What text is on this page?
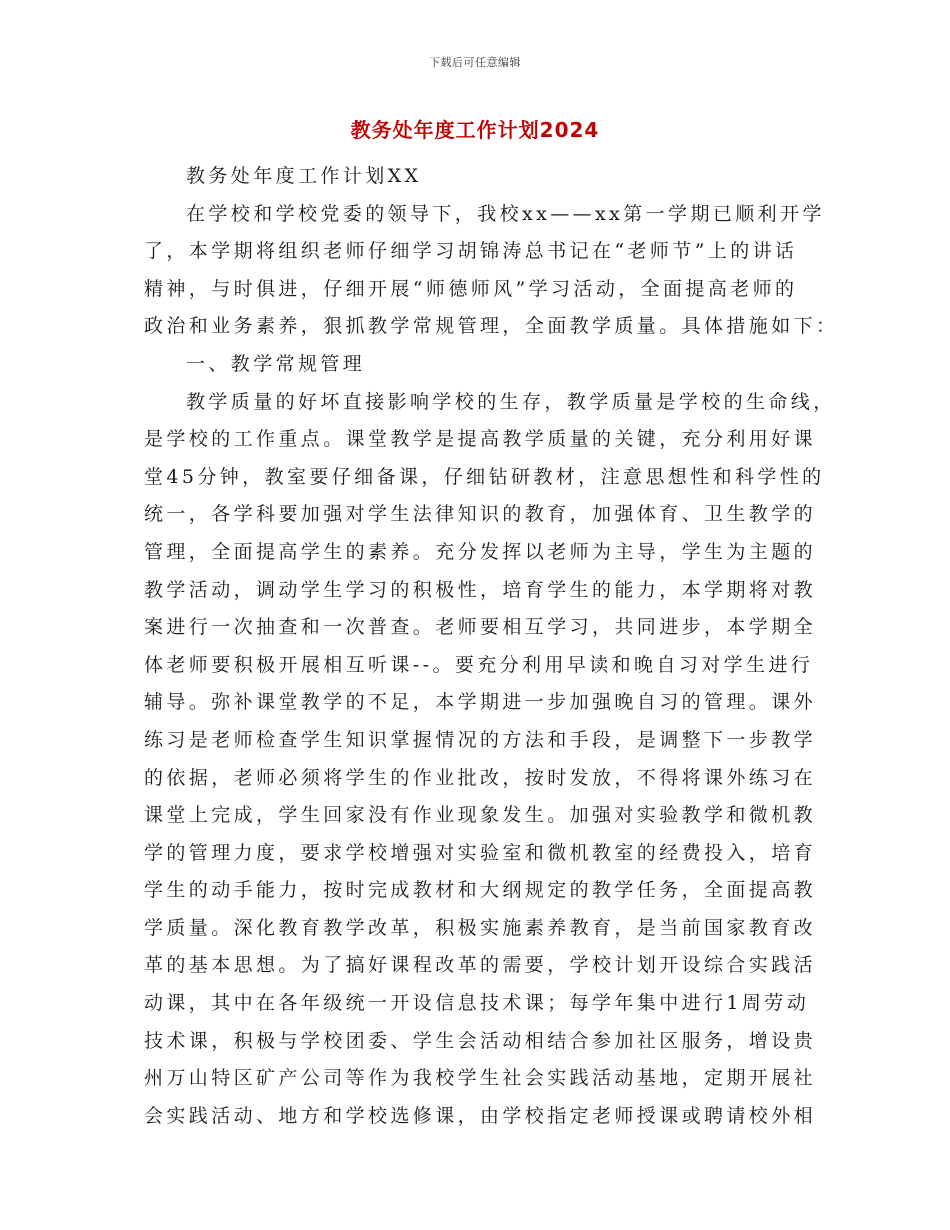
下载后可任意编辑
教务处年度工作计划2024
教务处年度工作计划XX
在学校和学校党委的领导下，我校xx——xx第一学期已顺利开学
了，本学期将组织老师仔细学习胡锦涛总书记在“老师节”上的讲话
精神，与时俱进，仔细开展“师德师风”学习活动，全面提高老师的
政治和业务素养，狠抓教学常规管理，全面教学质量。具体措施如下：
一、教学常规管理
教学质量的好坏直接影响学校的生存，教学质量是学校的生命线，
是学校的工作重点。课堂教学是提高教学质量的关键，充分利用好课
堂45分钟，教室要仔细备课，仔细钻研教材，注意思想性和科学性的
统一，各学科要加强对学生法律知识的教育，加强体育、卫生教学的
管理，全面提高学生的素养。充分发挥以老师为主导，学生为主题的
教学活动，调动学生学习的积极性，培育学生的能力，本学期将对教
案进行一次抽查和一次普查。老师要相互学习，共同进步，本学期全
体老师要积极开展相互听课--。要充分利用早读和晚自习对学生进行
辅导。弥补课堂教学的不足，本学期进一步加强晚自习的管理。课外
练习是老师检查学生知识掌握情况的方法和手段，是调整下一步教学
的依据，老师必须将学生的作业批改，按时发放，不得将课外练习在
课堂上完成，学生回家没有作业现象发生。加强对实验教学和微机教
学的管理力度，要求学校增强对实验室和微机教室的经费投入，培育
学生的动手能力，按时完成教材和大纲规定的教学任务，全面提高教
学质量。深化教育教学改革，积极实施素养教育，是当前国家教育改
革的基本思想。为了搞好课程改革的需要，学校计划开设综合实践活
动课，其中在各年级统一开设信息技术课；每学年集中进行1周劳动
技术课，积极与学校团委、学生会活动相结合参加社区服务，增设贵
州万山特区矿产公司等作为我校学生社会实践活动基地，定期开展社
会实践活动、地方和学校选修课，由学校指定老师授课或聘请校外相
